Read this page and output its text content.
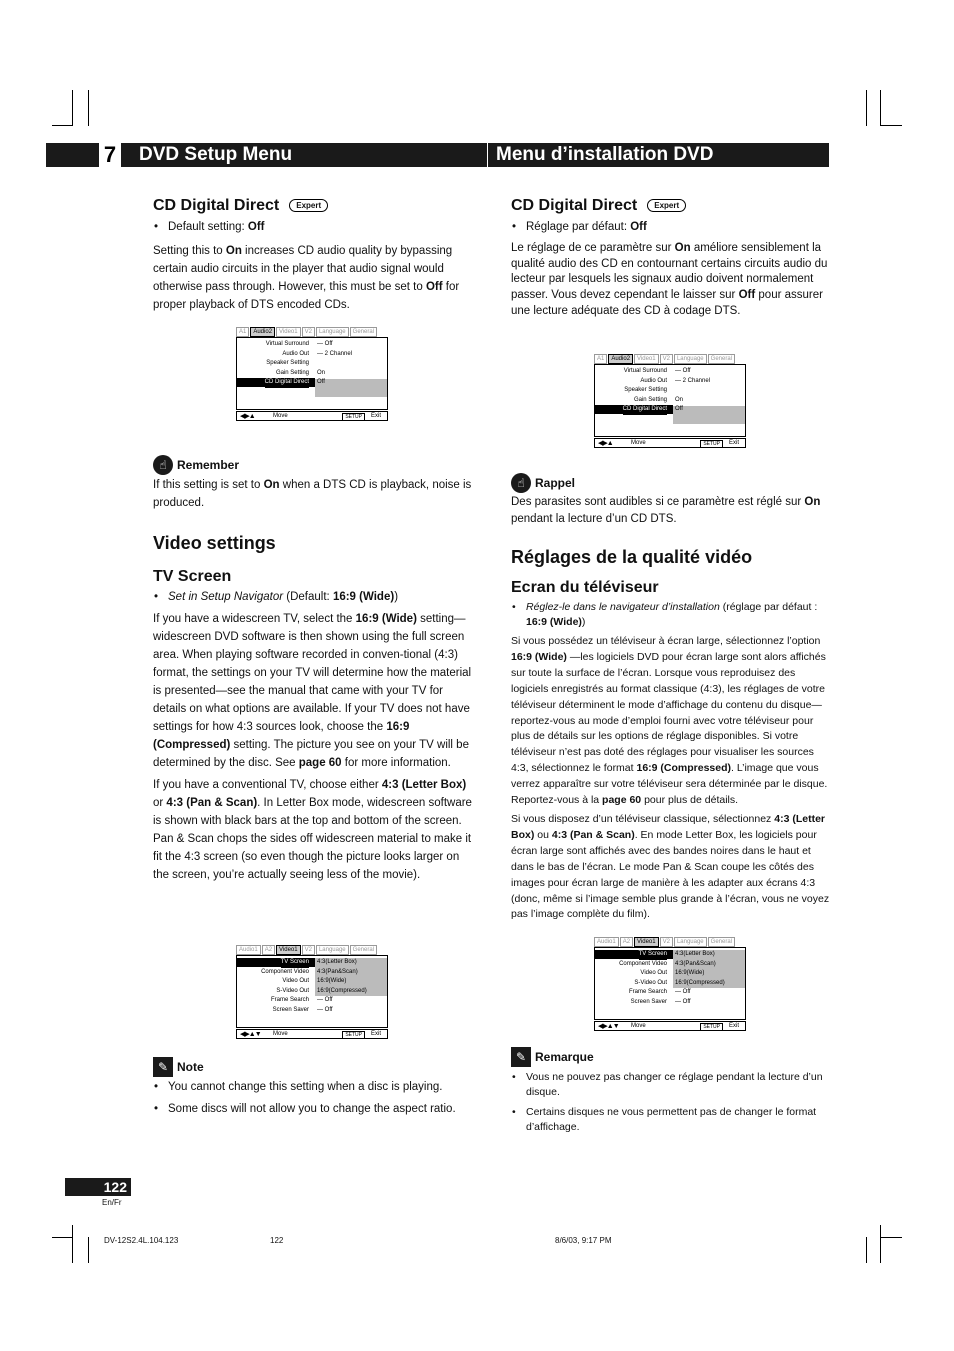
DVD Setup Menu
7	Menu d’installation DVD
CD Digital Direct Expert
• Default setting: Off
Setting this to On increases CD audio quality by bypassing certain audio circuits in the player that audio signal would otherwise pass through. However, this must be set to Off for proper playback of DTS encoded CDs.
A1	Audio2	Video1	V2	Language	General
Virtual Surround — Off
Audio Out — 2 Channel
Speaker Setting
Gain Setting On
CD Digital Direct Off
◀▶▲	Move	SETUP	Exit
☝ Remember
If this setting is set to On when a DTS CD is playback, noise is produced.
Video settings
TV Screen
• Set in Setup Navigator (Default: 16:9 (Wide))
If you have a widescreen TV, select the 16:9 (Wide) setting—widescreen DVD software is then shown using the full screen area. When playing software recorded in conven-tional (4:3) format, the settings on your TV will determine how the material is presented—see the manual that came with your TV for details on what options are available. If your TV does not have settings for how 4:3 sources look, choose the 16:9 (Compressed) setting. The picture you see on your TV will be determined by the disc. See page 60 for more information.
If you have a conventional TV, choose either 4:3 (Letter Box) or 4:3 (Pan & Scan). In Letter Box mode, widescreen software is shown with black bars at the top and bottom of the screen. Pan & Scan chops the sides off widescreen material to make it fit the 4:3 screen (so even though the picture looks larger on the screen, you’re actually seeing less of the movie).
Audio1	A2	Video1	V2	Language	General
TV Screen 4:3(Letter Box)
Component Video 4:3(Pan&Scan)
Video Out 16:9(Wide)
S-Video Out 16:9(Compressed)
Frame Search — Off
Screen Saver — Off
◀▶▲▼ Move	SETUP	Exit
✎ Note
• You cannot change this setting when a disc is playing.
• Some discs will not allow you to change the aspect ratio.
CD Digital Direct Expert
• Réglage par défaut: Off
Le réglage de ce paramètre sur On améliore sensiblement la qualité audio des CD en contournant certains circuits audio du lecteur par lesquels les signaux audio doivent normalement passer. Vous devez cependant le laisser sur Off pour assurer une lecture adéquate des CD à codage DTS.
A1	Audio2	Video1	V2	Language	General
Virtual Surround — Off
Audio Out — 2 Channel
Speaker Setting
Gain Setting On
CD Digital Direct Off
◀▶▲	Move	SETUP	Exit
☝ Rappel
Des parasites sont audibles si ce paramètre est réglé sur On pendant la lecture d’un CD DTS.
Réglages de la qualité vidéo
Ecran du téléviseur
• Réglez-le dans le navigateur d’installation (réglage par défaut : 16:9 (Wide))
Si vous possédez un téléviseur à écran large, sélectionnez l’option 16:9 (Wide) —les logiciels DVD pour écran large sont alors affichés sur toute la surface de l’écran. Lorsque vous reproduisez des logiciels enregistrés au format classique (4:3), les réglages de votre téléviseur déterminent le mode d’affichage du contenu du disque—reportez-vous au mode d’emploi fourni avec votre téléviseur pour plus de détails sur les options de réglage disponibles. Si votre téléviseur n’est pas doté des réglages pour visualiser les sources 4:3, sélectionnez le format 16:9 (Compressed). L’image que vous verrez apparaître sur votre téléviseur sera déterminée par le disque. Reportez-vous à la page 60 pour plus de détails.
Si vous disposez d’un téléviseur classique, sélectionnez 4:3 (Letter Box) ou 4:3 (Pan & Scan). En mode Letter Box, les logiciels pour écran large sont affichés avec des bandes noires dans le haut et dans le bas de l’écran. Le mode Pan & Scan coupe les côtés des images pour écran large de manière à les adapter aux écrans 4:3 (donc, même si l’image semble plus grande à l’écran, vous ne voyez pas l’image complète du film).
Audio1	A2	Video1	V2	Language	General
TV Screen 4:3(Letter Box)
Component Video 4:3(Pan&Scan)
Video Out 16:9(Wide)
S-Video Out 16:9(Compressed)
Frame Search — Off
Screen Saver — Off
◀▶▲▼ Move	SETUP	Exit
✎ Remarque
• Vous ne pouvez pas changer ce réglage pendant la lecture d’un disque.
• Certains disques ne vous permettent pas de changer le format d’affichage.
122
En/Fr
DV-12S2.4L.104.123	122	8/6/03, 9:17 PM
